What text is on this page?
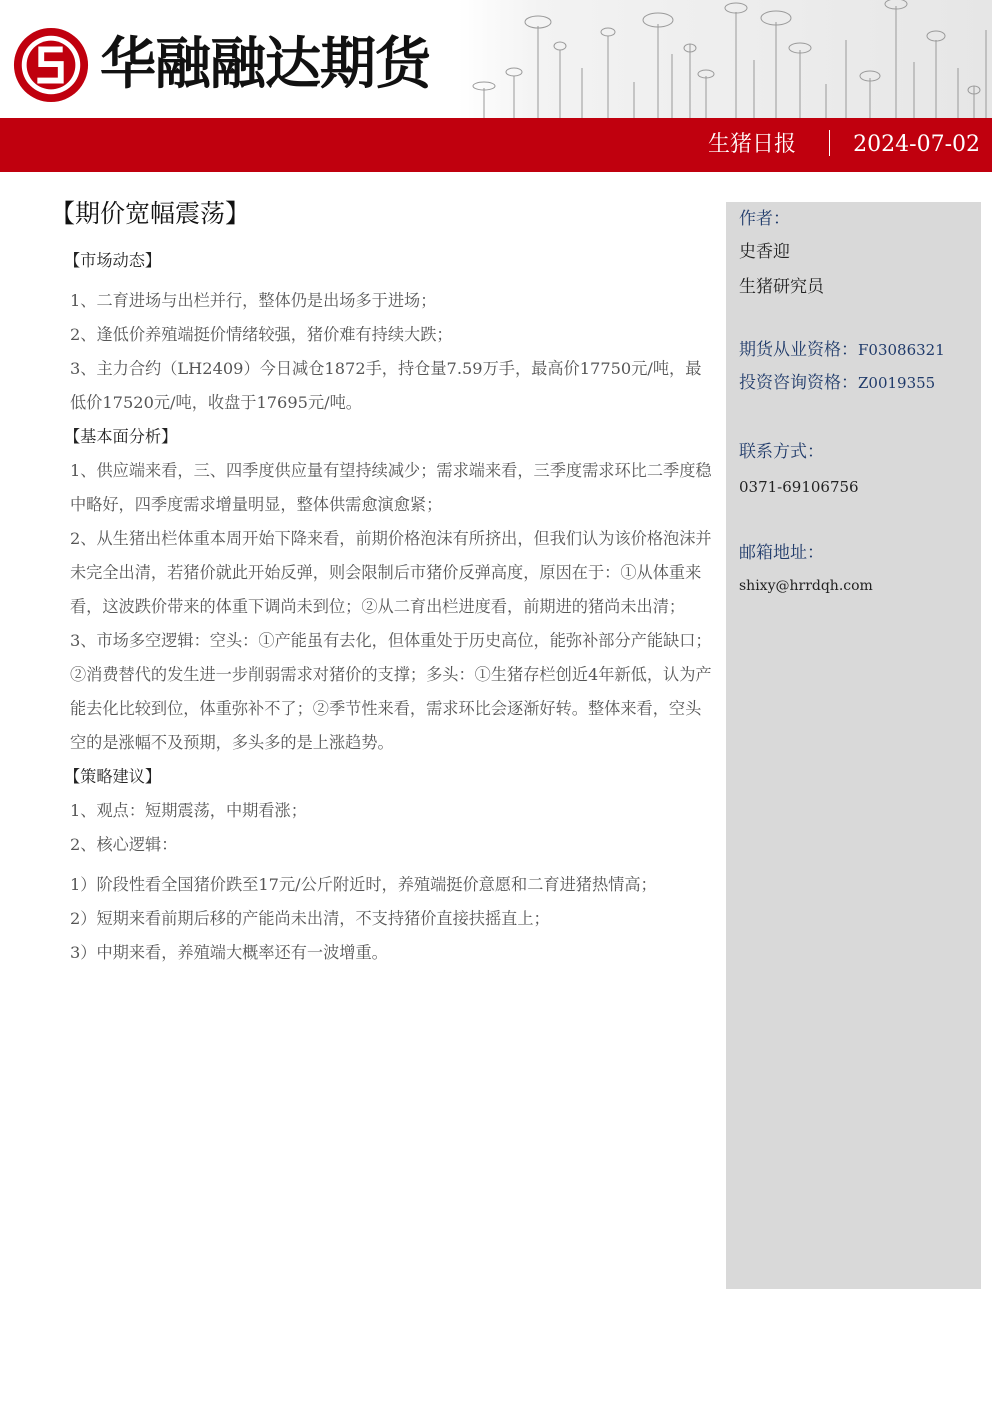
华融融达期货
生猪日报	2024-07-02
【期价宽幅震荡】

【市场动态】

1、二育进场与出栏并行，整体仍是出场多于进场；

2、逢低价养殖端挺价情绪较强，猪价难有持续大跌；

3、主力合约（LH2409）今日减仓1872手，持仓量7.59万手，最高价17750元/吨，最低价17520元/吨，收盘于17695元/吨。

【基本面分析】

1、供应端来看，三、四季度供应量有望持续减少；需求端来看，三季度需求环比二季度稳中略好，四季度需求增量明显，整体供需愈演愈紧；

2、从生猪出栏体重本周开始下降来看，前期价格泡沫有所挤出，但我们认为该价格泡沫并未完全出清，若猪价就此开始反弹，则会限制后市猪价反弹高度，原因在于：①从体重来看，这波跌价带来的体重下调尚未到位；②从二育出栏进度看，前期进的猪尚未出清；

3、市场多空逻辑：空头：①产能虽有去化，但体重处于历史高位，能弥补部分产能缺口；②消费替代的发生进一步削弱需求对猪价的支撑；多头：①生猪存栏创近4年新低，认为产能去化比较到位，体重弥补不了；②季节性来看，需求环比会逐渐好转。整体来看，空头空的是涨幅不及预期，多头多的是上涨趋势。

【策略建议】

1、观点：短期震荡，中期看涨；

2、核心逻辑：

1）阶段性看全国猪价跌至17元/公斤附近时，养殖端挺价意愿和二育进猪热情高；

2）短期来看前期后移的产能尚未出清，不支持猪价直接扶摇直上；

3）中期来看，养殖端大概率还有一波增重。

作者：
史香迎
生猪研究员
期货从业资格：F03086321
投资咨询资格：Z0019355
联系方式：
0371-69106756
邮箱地址：
shixy@hrrdqh.com
